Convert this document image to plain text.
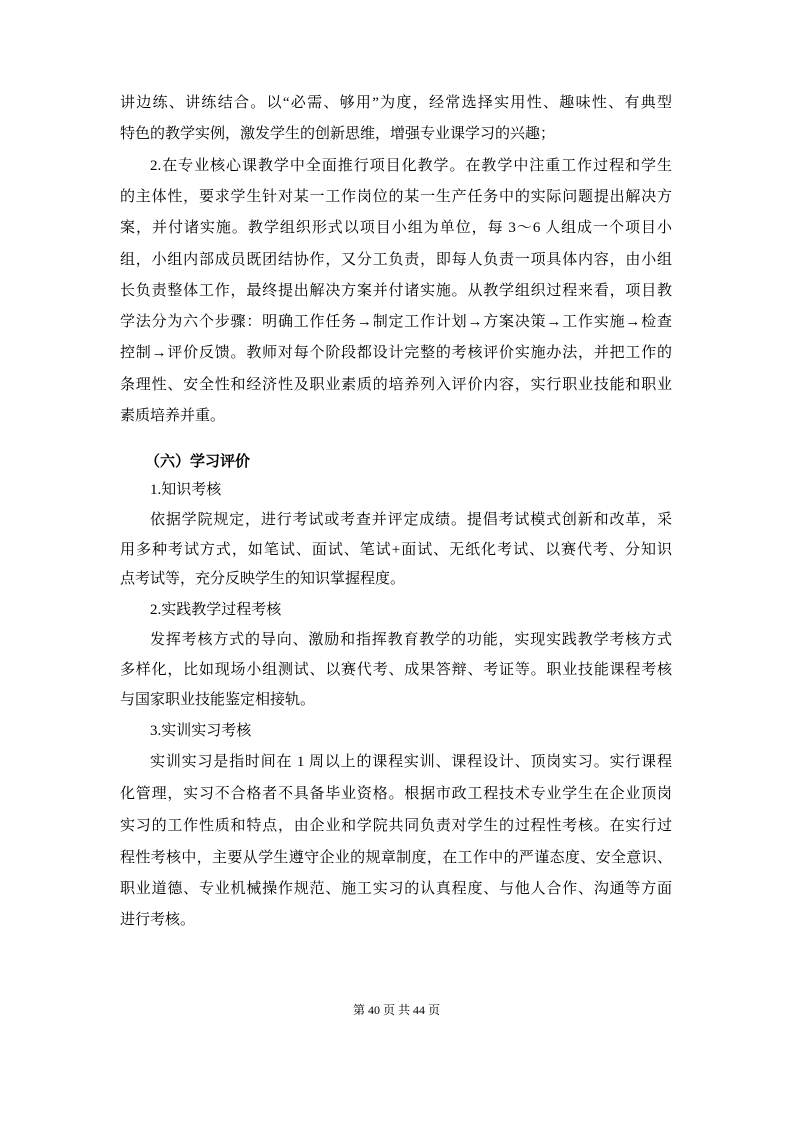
讲边练、讲练结合。以“必需、够用”为度，经常选择实用性、趣味性、有典型
特色的教学实例，激发学生的创新思维，增强专业课学习的兴趣；
2.在专业核心课教学中全面推行项目化教学。在教学中注重工作过程和学生
的主体性，要求学生针对某一工作岗位的某一生产任务中的实际问题提出解决方
案，并付诸实施。教学组织形式以项目小组为单位，每 3～6 人组成一个项目小
组，小组内部成员既团结协作，又分工负责，即每人负责一项具体内容，由小组
长负责整体工作，最终提出解决方案并付诸实施。从教学组织过程来看，项目教
学法分为六个步骤：明确工作任务→制定工作计划→方案决策→工作实施→检查
控制→评价反馈。教师对每个阶段都设计完整的考核评价实施办法，并把工作的
条理性、安全性和经济性及职业素质的培养列入评价内容，实行职业技能和职业
素质培养并重。
（六）学习评价
1.知识考核
依据学院规定，进行考试或考查并评定成绩。提倡考试模式创新和改革，采
用多种考试方式，如笔试、面试、笔试+面试、无纸化考试、以赛代考、分知识
点考试等，充分反映学生的知识掌握程度。
2.实践教学过程考核
发挥考核方式的导向、激励和指挥教育教学的功能，实现实践教学考核方式
多样化，比如现场小组测试、以赛代考、成果答辩、考证等。职业技能课程考核
与国家职业技能鉴定相接轨。
3.实训实习考核
实训实习是指时间在 1 周以上的课程实训、课程设计、顶岗实习。实行课程
化管理，实习不合格者不具备毕业资格。根据市政工程技术专业学生在企业顶岗
实习的工作性质和特点，由企业和学院共同负责对学生的过程性考核。在实行过
程性考核中，主要从学生遵守企业的规章制度，在工作中的严谨态度、安全意识、
职业道德、专业机械操作规范、施工实习的认真程度、与他人合作、沟通等方面
进行考核。
第 40 页 共 44 页
